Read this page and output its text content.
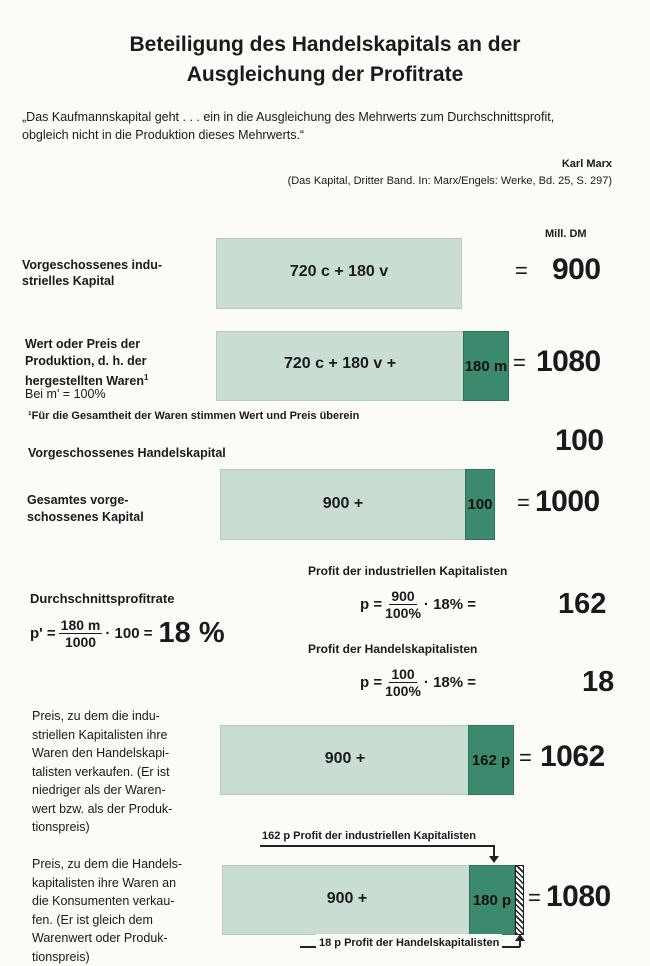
Beteiligung des Handelskapitals an der
Ausgleichung der Profitrate
„Das Kaufmannskapital geht . . . ein in die Ausgleichung des Mehrwerts zum Durchschnittsprofit,
obgleich nicht in die Produktion dieses Mehrwerts.“
Karl Marx
(Das Kapital, Dritter Band. In: Marx/Engels: Werke, Bd. 25, S. 297)
Mill. DM
Vorgeschossenes indu-
strielles Kapital
720 c + 180 v	= 900
Wert oder Preis der
Produktion, d. h. der
hergestellten Waren$^1$
Bei m' = 100%
720 c + 180 v +	180 m = 1080
¹Für die Gesamtheit der Waren stimmen Wert und Preis überein
Vorgeschossenes Handelskapital	100
Gesamtes vorge-
schossenes Kapital
900 +	100 = 1000
Durchschnittsprofitrate
$p' = \frac{180 m}{1000} \cdot 100 = 18$ %
Profit der industriellen Kapitalisten
$p = \frac{900}{100\%} \cdot 18\%$ =	162
Profit der Handelskapitalisten
$p = \frac{100}{100\%} \cdot 18\%$ =	18
Preis, zu dem die indu-
striellen Kapitalisten ihre
Waren den Handelskapi-
talisten verkaufen. (Er ist
niedriger als der Waren-
wert bzw. als der Produk-
tionspreis)
900 +	162 p = 1062
162 p Profit der industriellen Kapitalisten
Preis, zu dem die Handels-
kapitalisten ihre Waren an
die Konsumenten verkau-
fen. (Er ist gleich dem
Warenwert oder Produk-
tionspreis)
900 +	180 p = 1080
18 p Profit der Handelskapitalisten
